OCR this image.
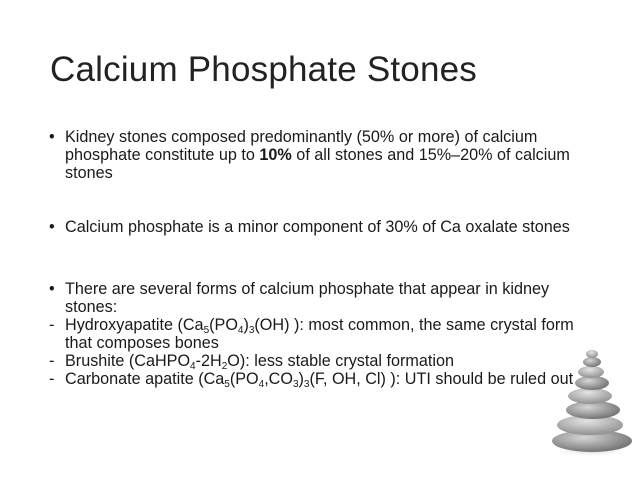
Calcium Phosphate Stones
• Kidney stones composed predominantly (50% or more) of calcium phosphate constitute up to 10% of all stones and 15%–20% of calcium stones
• Calcium phosphate is a minor component of 30% of Ca oxalate stones
• There are several forms of calcium phosphate that appear in kidney stones:
- Hydroxyapatite ($Ca_5(PO_4)_3(OH)$ ): most common, the same crystal form that composes bones
- Brushite $(CaHPO_4-2H_2O)$: less stable crystal formation
- Carbonate apatite ($Ca_5(PO_4,CO_3)_3(F$, OH, Cl) ): UTI should be ruled out
